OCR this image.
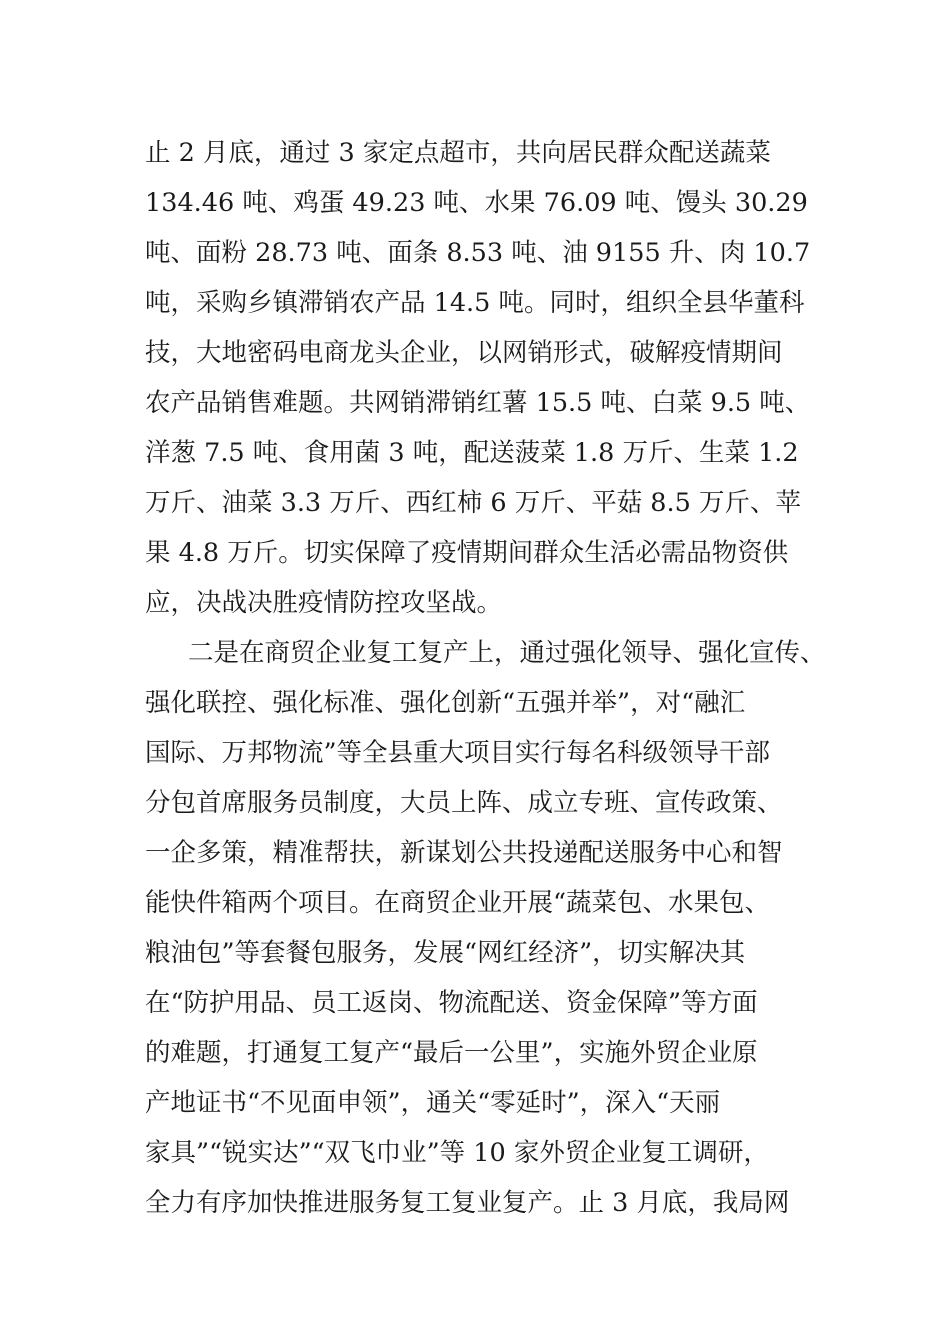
止 2 月底，通过 3 家定点超市，共向居民群众配送蔬菜
134.46 吨、鸡蛋 49.23 吨、水果 76.09 吨、馒头 30.29
吨、面粉 28.73 吨、面条 8.53 吨、油 9155 升、肉 10.7
吨，采购乡镇滞销农产品 14.5 吨。同时，组织全县华董科
技，大地密码电商龙头企业，以网销形式，破解疫情期间
农产品销售难题。共网销滞销红薯 15.5 吨、白菜 9.5 吨、
洋葱 7.5 吨、食用菌 3 吨，配送菠菜 1.8 万斤、生菜 1.2
万斤、油菜 3.3 万斤、西红柿 6 万斤、平菇 8.5 万斤、苹
果 4.8 万斤。切实保障了疫情期间群众生活必需品物资供
应，决战决胜疫情防控攻坚战。
二是在商贸企业复工复产上，通过强化领导、强化宣传、
强化联控、强化标准、强化创新“五强并举”，对“融汇
国际、万邦物流”等全县重大项目实行每名科级领导干部
分包首席服务员制度，大员上阵、成立专班、宣传政策、
一企多策，精准帮扶，新谋划公共投递配送服务中心和智
能快件箱两个项目。在商贸企业开展“蔬菜包、水果包、
粮油包”等套餐包服务，发展“网红经济”，切实解决其
在“防护用品、员工返岗、物流配送、资金保障”等方面
的难题，打通复工复产“最后一公里”，实施外贸企业原
产地证书“不见面申领”，通关“零延时”，深入“天丽
家具”“锐实达”“双飞巾业”等 10 家外贸企业复工调研，
全力有序加快推进服务复工复业复产。止 3 月底，我局网
